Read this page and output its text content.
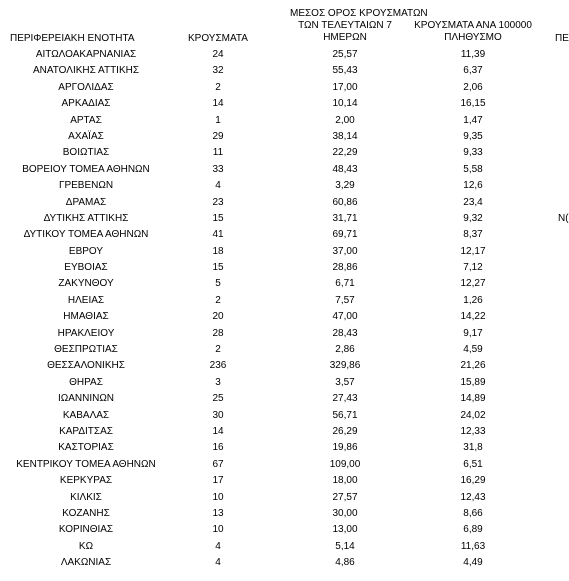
ΠΕΡΙΦΕΡΕΙΑΚΗ ΕΝΟΤΗΤΑ	ΚΡΟΥΣΜΑΤΑ
ΜΕΣΟΣ ΟΡΟΣ ΚΡΟΥΣΜΑΤΩΝ
ΤΩΝ ΤΕΛΕΥΤΑΙΩΝ 7
ΗΜΕΡΩΝ
ΚΡΟΥΣΜΑΤΑ ΑΝΑ 100000
ΠΛΗΘΥΣΜΟ	ΠΕ
ΑΙΤΩΛΟΑΚΑΡΝΑΝΙΑΣ	24	25,57	11,39
ΑΝΑΤΟΛΙΚΗΣ ΑΤΤΙΚΗΣ	32	55,43	6,37
ΑΡΓΟΛΙΔΑΣ	2	17,00	2,06
ΑΡΚΑΔΙΑΣ	14	10,14	16,15
ΑΡΤΑΣ	1	2,00	1,47
ΑΧΑΪΑΣ	29	38,14	9,35
ΒΟΙΩΤΙΑΣ	11	22,29	9,33
ΒΟΡΕΙΟΥ ΤΟΜΕΑ ΑΘΗΝΩΝ	33	48,43	5,58
ΓΡΕΒΕΝΩΝ	4	3,29	12,6
ΔΡΑΜΑΣ	23	60,86	23,4
ΔΥΤΙΚΗΣ ΑΤΤΙΚΗΣ	15	31,71	9,32	N(
ΔΥΤΙΚΟΥ ΤΟΜΕΑ ΑΘΗΝΩΝ	41	69,71	8,37
ΕΒΡΟΥ	18	37,00	12,17
ΕΥΒΟΙΑΣ	15	28,86	7,12
ΖΑΚΥΝΘΟΥ	5	6,71	12,27
ΗΛΕΙΑΣ	2	7,57	1,26
ΗΜΑΘΙΑΣ	20	47,00	14,22
ΗΡΑΚΛΕΙΟΥ	28	28,43	9,17
ΘΕΣΠΡΩΤΙΑΣ	2	2,86	4,59
ΘΕΣΣΑΛΟΝΙΚΗΣ	236	329,86	21,26
ΘΗΡΑΣ	3	3,57	15,89
ΙΩΑΝΝΙΝΩΝ	25	27,43	14,89
ΚΑΒΑΛΑΣ	30	56,71	24,02
ΚΑΡΔΙΤΣΑΣ	14	26,29	12,33
ΚΑΣΤΟΡΙΑΣ	16	19,86	31,8
ΚΕΝΤΡΙΚΟΥ ΤΟΜΕΑ ΑΘΗΝΩΝ	67	109,00	6,51
ΚΕΡΚΥΡΑΣ	17	18,00	16,29
ΚΙΛΚΙΣ	10	27,57	12,43
ΚΟΖΑΝΗΣ	13	30,00	8,66
ΚΟΡΙΝΘΙΑΣ	10	13,00	6,89
ΚΩ	4	5,14	11,63
ΛΑΚΩΝΙΑΣ	4	4,86	4,49
